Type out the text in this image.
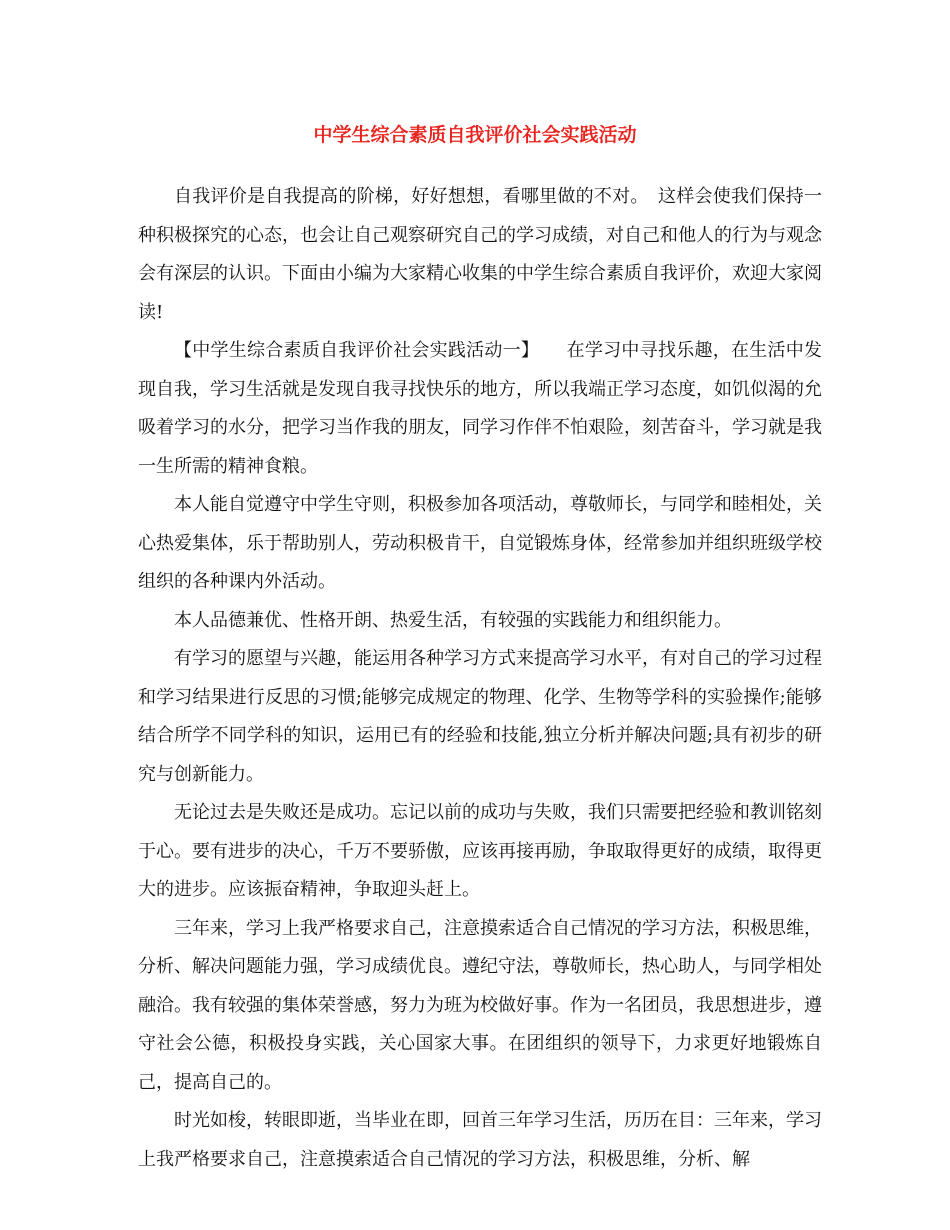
中学生综合素质自我评价社会实践活动

自我评价是自我提高的阶梯，好好想想，看哪里做的不对。　这样会使我们保持一种积极探究的心态，也会让自己观察研究自己的学习成绩，对自己和他人的行为与观念会有深层的认识。下面由小编为大家精心收集的中学生综合素质自我评价，欢迎大家阅读!

【中学生综合素质自我评价社会实践活动一】　　在学习中寻找乐趣，在生活中发现自我，学习生活就是发现自我寻找快乐的地方，所以我端正学习态度，如饥似渴的允吸着学习的水分，把学习当作我的朋友，同学习作伴不怕艰险，刻苦奋斗，学习就是我一生所需的精神食粮。

本人能自觉遵守中学生守则，积极参加各项活动，尊敬师长，与同学和睦相处，关心热爱集体，乐于帮助别人，劳动积极肯干，自觉锻炼身体，经常参加并组织班级学校组织的各种课内外活动。

本人品德兼优、性格开朗、热爱生活，有较强的实践能力和组织能力。

有学习的愿望与兴趣，能运用各种学习方式来提高学习水平，有对自己的学习过程和学习结果进行反思的习惯;能够完成规定的物理、化学、生物等学科的实验操作;能够结合所学不同学科的知识，运用已有的经验和技能,独立分析并解决问题;具有初步的研究与创新能力。

无论过去是失败还是成功。忘记以前的成功与失败，我们只需要把经验和教训铭刻于心。要有进步的决心，千万不要骄傲，应该再接再励，争取取得更好的成绩，取得更大的进步。应该振奋精神，争取迎头赶上。

三年来，学习上我严格要求自己，注意摸索适合自己情况的学习方法，积极思维，分析、解决问题能力强，学习成绩优良。遵纪守法，尊敬师长，热心助人，与同学相处融洽。我有较强的集体荣誉感，努力为班为校做好事。作为一名团员，我思想进步，遵守社会公德，积极投身实践，关心国家大事。在团组织的领导下，力求更好地锻炼自己，提高自己的。

时光如梭，转眼即逝，当毕业在即，回首三年学习生活，历历在目：三年来，学习上我严格要求自己，注意摸索适合自己情况的学习方法，积极思维，分析、解
